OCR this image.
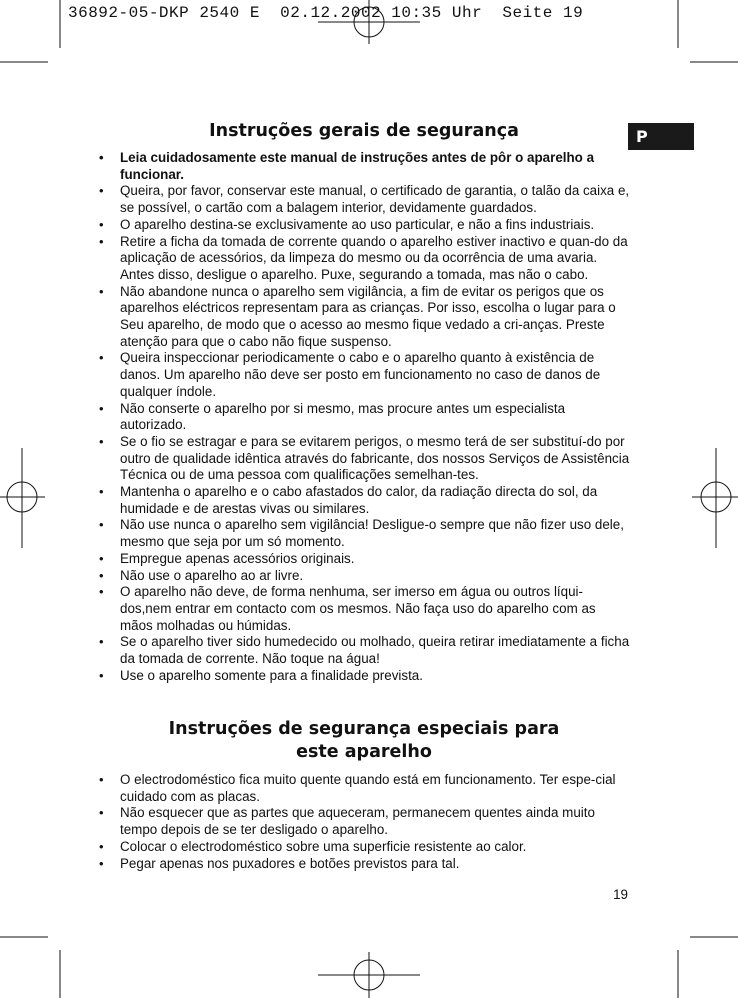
36892-05-DKP 2540 E  02.12.2002 10:35 Uhr  Seite 19
P
Instruções gerais de segurança
• Leia cuidadosamente este manual de instruções antes de pôr o aparelho a funcionar.
• Queira, por favor, conservar este manual, o certificado de garantia, o talão da caixa e, se possível, o cartão com a balagem interior, devidamente guardados.
• O aparelho destina-se exclusivamente ao uso particular, e não a fins industriais.
• Retire a ficha da tomada de corrente quando o aparelho estiver inactivo e quan-do da aplicação de acessórios, da limpeza do mesmo ou da ocorrência de uma avaria. Antes disso, desligue o aparelho. Puxe, segurando a tomada, mas não o cabo.
• Não abandone nunca o aparelho sem vigilância, a fim de evitar os perigos que os aparelhos eléctricos representam para as crianças. Por isso, escolha o lugar para o Seu aparelho, de modo que o acesso ao mesmo fique vedado a cri-anças. Preste atenção para que o cabo não fique suspenso.
• Queira inspeccionar periodicamente o cabo e o aparelho quanto à existência de danos. Um aparelho não deve ser posto em funcionamento no caso de danos de qualquer índole.
• Não conserte o aparelho por si mesmo, mas procure antes um especialista autorizado.
• Se o fio se estragar e para se evitarem perigos, o mesmo terá de ser substituí-do por outro de qualidade idêntica através do fabricante, dos nossos Serviços de Assistência Técnica ou de uma pessoa com qualificações semelhan-tes.
• Mantenha o aparelho e o cabo afastados do calor, da radiação directa do sol, da humidade e de arestas vivas ou similares.
• Não use nunca o aparelho sem vigilância! Desligue-o sempre que não fizer uso dele, mesmo que seja por um só momento.
• Empregue apenas acessórios originais.
• Não use o aparelho ao ar livre.
• O aparelho não deve, de forma nenhuma, ser imerso em água ou outros líqui-dos,nem entrar em contacto com os mesmos. Não faça uso do aparelho com as mãos molhadas ou húmidas.
• Se o aparelho tiver sido humedecido ou molhado, queira retirar imediatamente a ficha da tomada de corrente. Não toque na água!
• Use o aparelho somente para a finalidade prevista.
Instruções de segurança especiais para
este aparelho
• O electrodoméstico fica muito quente quando está em funcionamento. Ter espe-cial cuidado com as placas.
• Não esquecer que as partes que aqueceram, permanecem quentes ainda muito tempo depois de se ter desligado o aparelho.
• Colocar o electrodoméstico sobre uma superficie resistente ao calor.
• Pegar apenas nos puxadores e botões previstos para tal.
19
